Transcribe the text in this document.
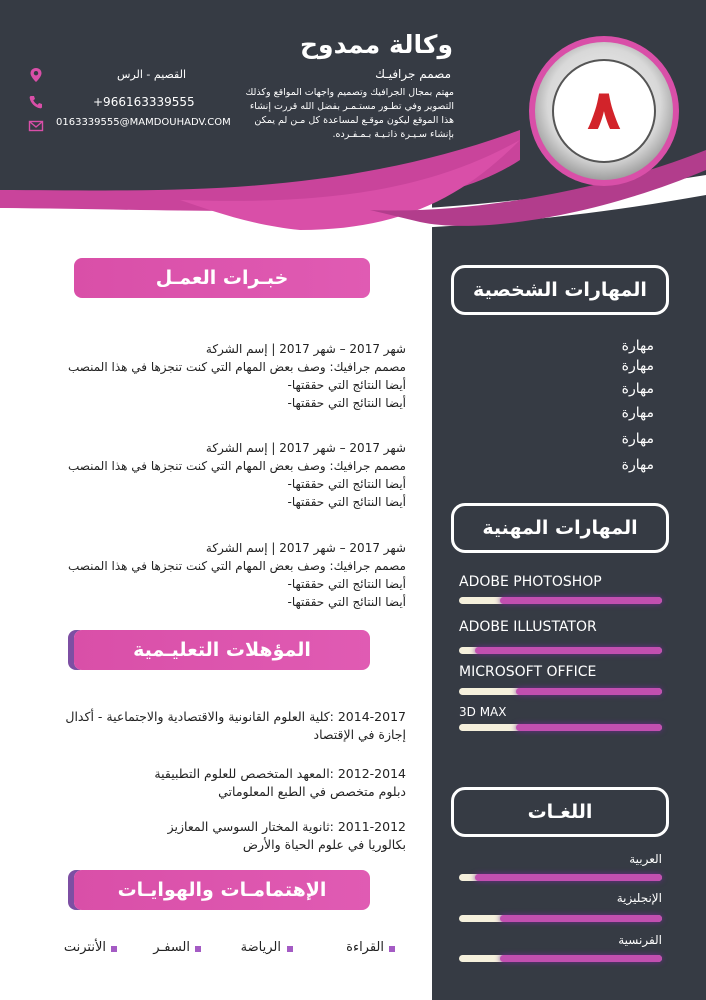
٨
وكالة ممدوح
مصمم جرافيـك
مهتم بمجال الجرافيك وتصميم واجهات المواقع وكذلك التصوير وفي تطـور مستـمـر بفضل الله قررت إنشاء هذا الموقع ليكون موقـع لمساعدة كل مـن لم يمكن بإنشاء سـيـرة ذاتـيـة بـمـفـرده.
القصيم - الرس
+966163339555
0163339555@MAMDOUHADV.COM
خبـرات العمـل
شهر 2017 – شهر 2017 | إسم الشركة
مصمم جرافيك: وصف بعض المهام التي كنت تنجزها في هذا المنصب
أيضا النتائج التي حققتها-
أيضا النتائج التي حققتها-
شهر 2017 – شهر 2017 | إسم الشركة
مصمم جرافيك: وصف بعض المهام التي كنت تنجزها في هذا المنصب
أيضا النتائج التي حققتها-
أيضا النتائج التي حققتها-
شهر 2017 – شهر 2017 | إسم الشركة
مصمم جرافيك: وصف بعض المهام التي كنت تنجزها في هذا المنصب
أيضا النتائج التي حققتها-
أيضا النتائج التي حققتها-
المؤهلات التعليـمية
2014-2017 :كلية العلوم القانونية والاقتصادية والاجتماعية - أكدال
إجازة في الإقتصاد
2012-2014 :المعهد المتخصص للعلوم التطبيقية
دبلوم متخصص في الطبع المعلوماتي
2011-2012 :ثانوية المختار السوسي المعازيز
بكالوريا في علوم الحياة والأرض
الإهتمامـات والهوايـات
القراءة
الرياضة
السفـر
الأنترنت
المهارات الشخصية
مهارة
مهارة
مهارة
مهارة
مهارة
مهارة
المهارات المهنية
ADOBE PHOTOSHOP
ADOBE ILLUSTATOR
MICROSOFT OFFICE
3D MAX
اللغـات
العربية
الإنجليزية
الفرنسية
